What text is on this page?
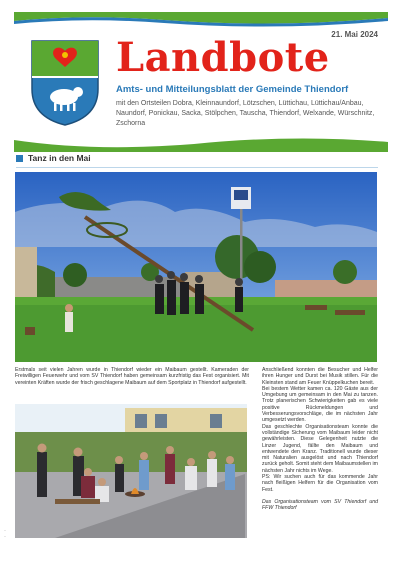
21. Mai 2024
Landbote
Amts- und Mitteilungsblatt der Gemeinde Thiendorf
mit den Ortsteilen Dobra, Kleinnaundorf, Lötzschen, Lüttichau, Lüttichau/Anbau, Naundorf, Ponickau, Sacka, Stölpchen, Tauscha, Thiendorf, Welxande, Würschnitz, Zschorna
Tanz in den Mai
Erstmals seit vielen Jahren wurde in Thiendorf wieder ein Maibaum gestellt. Kameraden der Freiwilligen Feuerwehr und vom SV Thiendorf haben gemeinsam kurzfristig das Fest organisiert. Mit vereinten Kräften wurde der frisch geschlagene Maibaum auf dem Sportplatz in Thiendorf aufgestellt.

Anschließend konnten die Besucher und Helfer ihren Hunger und Durst bei Musik stillen. Für die Kleinsten stand am Feuer Knüppelkuchen bereit.

Bei bestem Wetter kamen ca. 120 Gäste aus der Umgebung um gemeinsam in den Mai zu tanzen. Trotz planerischen Schwierigkeiten gab es viele positive Rückmeldungen und Verbesserungsvorschläge, die im nächsten Jahr umgesetzt werden.

Das geschlechte Organisationsteam konnte die vollständige Sicherung vom Maibaum leider nicht gewährleisten. Diese Gelegenheit nutzte die Linzer Jugend, fällte den Maibaum und entwendete den Kranz. Traditionell wurde dieser mit Naturalien ausgelöst und nach Thiendorf zurück geholt. Somit steht dem Maibaumstellen im nächsten Jahr nichts im Wege.

PS: Wir suchen auch für das kommende Jahr nach fleißigen Helfern für die Organisation vom Fest.

Das Organisationsteam vom SV Thiendorf und FFW Thiendorf

·
·
